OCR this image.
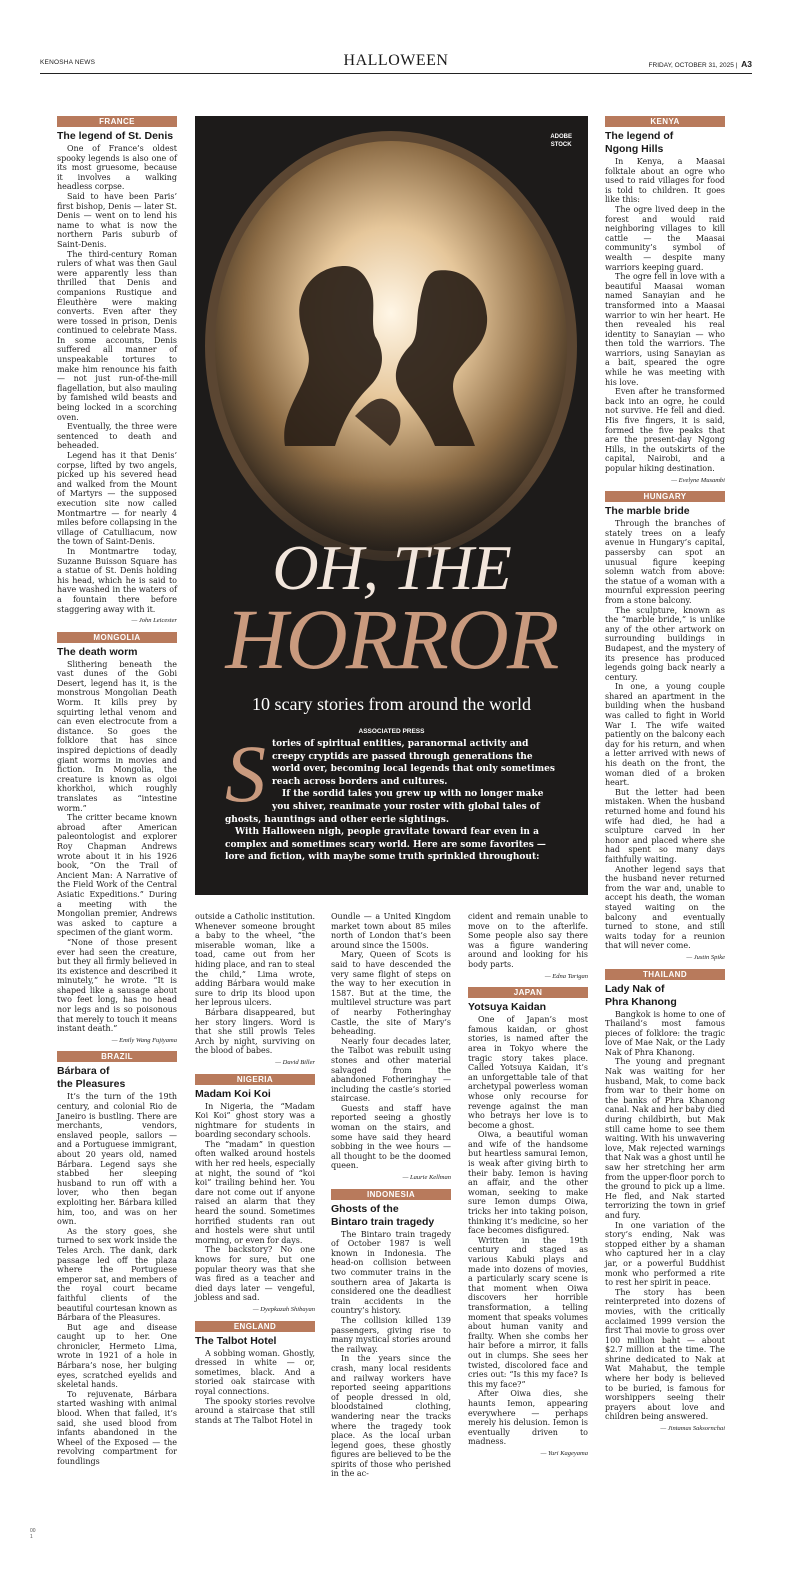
KENOSHA NEWS	HALLOWEEN	FRIDAY, OCTOBER 31, 2025 | A3
FRANCE
The legend of St. Denis

One of France’s oldest spooky legends is also one of its most gruesome, because it involves a walking headless corpse.

Said to have been Paris’ first bishop, Denis — later St. Denis — went on to lend his name to what is now the northern Paris suburb of Saint-Denis.

The third-century Roman rulers of what was then Gaul were apparently less than thrilled that Denis and companions Rustique and Éleuthère were making converts. Even after they were tossed in prison, Denis continued to celebrate Mass. In some accounts, Denis suffered all manner of unspeakable tortures to make him renounce his faith — not just run-of-the-mill flagellation, but also mauling by famished wild beasts and being locked in a scorching oven.

Eventually, the three were sentenced to death and beheaded.

Legend has it that Denis’ corpse, lifted by two angels, picked up his severed head and walked from the Mount of Martyrs — the supposed execution site now called Montmartre — for nearly 4 miles before collapsing in the village of Catulliacum, now the town of Saint-Denis.

In Montmartre today, Suzanne Buisson Square has a statue of St. Denis holding his head, which he is said to have washed in the waters of a fountain there before staggering away with it.

— John Leicester
MONGOLIA
The death worm

Slithering beneath the vast dunes of the Gobi Desert, legend has it, is the monstrous Mongolian Death Worm. It kills prey by squirting lethal venom and can even electrocute from a distance. So goes the folklore that has since inspired depictions of deadly giant worms in movies and fiction. In Mongolia, the creature is known as olgoi khorkhoi, which roughly translates as “intestine worm.”

The critter became known abroad after American paleontologist and explorer Roy Chapman Andrews wrote about it in his 1926 book, “On the Trail of Ancient Man: A Narrative of the Field Work of the Central Asiatic Expeditions.” During a meeting with the Mongolian premier, Andrews was asked to capture a specimen of the giant worm.

“None of those present ever had seen the creature, but they all firmly believed in its existence and described it minutely,” he wrote. “It is shaped like a sausage about two feet long, has no head nor legs and is so poisonous that merely to touch it means instant death.”

— Emily Wang Fujiyama
BRAZIL
Bárbara of
the Pleasures

It’s the turn of the 19th century, and colonial Rio de Janeiro is bustling. There are merchants, vendors, enslaved people, sailors — and a Portuguese immigrant, about 20 years old, named Bárbara. Legend says she stabbed her sleeping husband to run off with a lover, who then began exploiting her. Bárbara killed him, too, and was on her own.

As the story goes, she turned to sex work inside the Teles Arch. The dank, dark passage led off the plaza where the Portuguese emperor sat, and members of the royal court became faithful clients of the beautiful courtesan known as Bárbara of the Pleasures.

But age and disease caught up to her. One chronicler, Hermeto Lima, wrote in 1921 of a hole in Bárbara’s nose, her bulging eyes, scratched eyelids and skeletal hands.

To rejuvenate, Bárbara started washing with animal blood. When that failed, it’s said, she used blood from infants abandoned in the Wheel of the Exposed — the revolving compartment for foundlings

ADOBE
STOCK
OH, THE
HORROR
10 scary stories from around the world
ASSOCIATED PRESS
S tories of spiritual entities, paranormal activity and creepy cryptids are passed through generations the world over, becoming local legends that only sometimes reach across borders and cultures.

If the sordid tales you grew up with no longer make you shiver, reanimate your roster with global tales of ghosts, hauntings and other eerie sightings.

With Halloween nigh, people gravitate toward fear even in a complex and sometimes scary world. Here are some favorites — lore and fiction, with maybe some truth sprinkled throughout:

outside a Catholic institution. Whenever someone brought a baby to the wheel, “the miserable woman, like a toad, came out from her hiding place, and ran to steal the child,” Lima wrote, adding Bárbara would make sure to drip its blood upon her leprous ulcers.

Bárbara disappeared, but her story lingers. Word is that she still prowls Teles Arch by night, surviving on the blood of babes.

— David Biller
NIGERIA
Madam Koi Koi

In Nigeria, the “Madam Koi Koi” ghost story was a nightmare for students in boarding secondary schools.

The “madam” in question often walked around hostels with her red heels, especially at night, the sound of “koi koi” trailing behind her. You dare not come out if anyone raised an alarm that they heard the sound. Sometimes horrified students ran out and hostels were shut until morning, or even for days.

The backstory? No one knows for sure, but one popular theory was that she was fired as a teacher and died days later — vengeful, jobless and sad.

— Dyepkazah Shibayan
ENGLAND
The Talbot Hotel

A sobbing woman. Ghostly, dressed in white — or, sometimes, black. And a storied oak staircase with royal connections.

The spooky stories revolve around a staircase that still stands at The Talbot Hotel in

Oundle — a United Kingdom market town about 85 miles north of London that’s been around since the 1500s.

Mary, Queen of Scots is said to have descended the very same flight of steps on the way to her execution in 1587. But at the time, the multilevel structure was part of nearby Fotheringhay Castle, the site of Mary’s beheading.

Nearly four decades later, the Talbot was rebuilt using stones and other material salvaged from the abandoned Fotheringhay — including the castle’s storied staircase.

Guests and staff have reported seeing a ghostly woman on the stairs, and some have said they heard sobbing in the wee hours — all thought to be the doomed queen.

— Laurie Kellman
INDONESIA
Ghosts of the
Bintaro train tragedy

The Bintaro train tragedy of October 1987 is well known in Indonesia. The head-on collision between two commuter trains in the southern area of Jakarta is considered one the deadliest train accidents in the country’s history.

The collision killed 139 passengers, giving rise to many mystical stories around the railway.

In the years since the crash, many local residents and railway workers have reported seeing apparitions of people dressed in old, bloodstained clothing, wandering near the tracks where the tragedy took place. As the local urban legend goes, these ghostly figures are believed to be the spirits of those who perished in the ac-

cident and remain unable to move on to the afterlife. Some people also say there was a figure wandering around and looking for his body parts.

— Edna Tarigan
JAPAN
Yotsuya Kaidan

One of Japan’s most famous kaidan, or ghost stories, is named after the area in Tokyo where the tragic story takes place. Called Yotsuya Kaidan, it’s an unforgettable tale of that archetypal powerless woman whose only recourse for revenge against the man who betrays her love is to become a ghost.

Oiwa, a beautiful woman and wife of the handsome but heartless samurai Iemon, is weak after giving birth to their baby. Iemon is having an affair, and the other woman, seeking to make sure Iemon dumps Oiwa, tricks her into taking poison, thinking it’s medicine, so her face becomes disfigured.

Written in the 19th century and staged as various Kabuki plays and made into dozens of movies, a particularly scary scene is that moment when Oiwa discovers her horrible transformation, a telling moment that speaks volumes about human vanity and frailty. When she combs her hair before a mirror, it falls out in clumps. She sees her twisted, discolored face and cries out: “Is this my face? Is this my face?”

After Oiwa dies, she haunts Iemon, appearing everywhere — perhaps merely his delusion. Iemon is eventually driven to madness.

— Yuri Kageyama
KENYA
The legend of
Ngong Hills

In Kenya, a Maasai folktale about an ogre who used to raid villages for food is told to children. It goes like this:

The ogre lived deep in the forest and would raid neighboring villages to kill cattle — the Maasai community’s symbol of wealth — despite many warriors keeping guard.

The ogre fell in love with a beautiful Maasai woman named Sanayian and he transformed into a Maasai warrior to win her heart. He then revealed his real identity to Sanayian — who then told the warriors. The warriors, using Sanayian as a bait, speared the ogre while he was meeting with his love.

Even after he transformed back into an ogre, he could not survive. He fell and died. His five fingers, it is said, formed the five peaks that are the present-day Ngong Hills, in the outskirts of the capital, Nairobi, and a popular hiking destination.

— Evelyne Musambi
HUNGARY
The marble bride

Through the branches of stately trees on a leafy avenue in Hungary’s capital, passersby can spot an unusual figure keeping solemn watch from above: the statue of a woman with a mournful expression peering from a stone balcony.

The sculpture, known as the “marble bride,” is unlike any of the other artwork on surrounding buildings in Budapest, and the mystery of its presence has produced legends going back nearly a century.

In one, a young couple shared an apartment in the building when the husband was called to fight in World War I. The wife waited patiently on the balcony each day for his return, and when a letter arrived with news of his death on the front, the woman died of a broken heart.

But the letter had been mistaken. When the husband returned home and found his wife had died, he had a sculpture carved in her honor and placed where she had spent so many days faithfully waiting.

Another legend says that the husband never returned from the war and, unable to accept his death, the woman stayed waiting on the balcony and eventually turned to stone, and still waits today for a reunion that will never come.

— Justin Spike
THAILAND
Lady Nak of
Phra Khanong

Bangkok is home to one of Thailand’s most famous pieces of folklore: the tragic love of Mae Nak, or the Lady Nak of Phra Khanong.

The young and pregnant Nak was waiting for her husband, Mak, to come back from war to their home on the banks of Phra Khanong canal. Nak and her baby died during childbirth, but Mak still came home to see them waiting. With his unwavering love, Mak rejected warnings that Nak was a ghost until he saw her stretching her arm from the upper-floor porch to the ground to pick up a lime. He fled, and Nak started terrorizing the town in grief and fury.

In one variation of the story’s ending, Nak was stopped either by a shaman who captured her in a clay jar, or a powerful Buddhist monk who performed a rite to rest her spirit in peace.

The story has been reinterpreted into dozens of movies, with the critically acclaimed 1999 version the first Thai movie to gross over 100 million baht — about $2.7 million at the time. The shrine dedicated to Nak at Wat Mahabut, the temple where her body is believed to be buried, is famous for worshippers seeing their prayers about love and children being answered.

— Jintamas Saksornchai
00
1
